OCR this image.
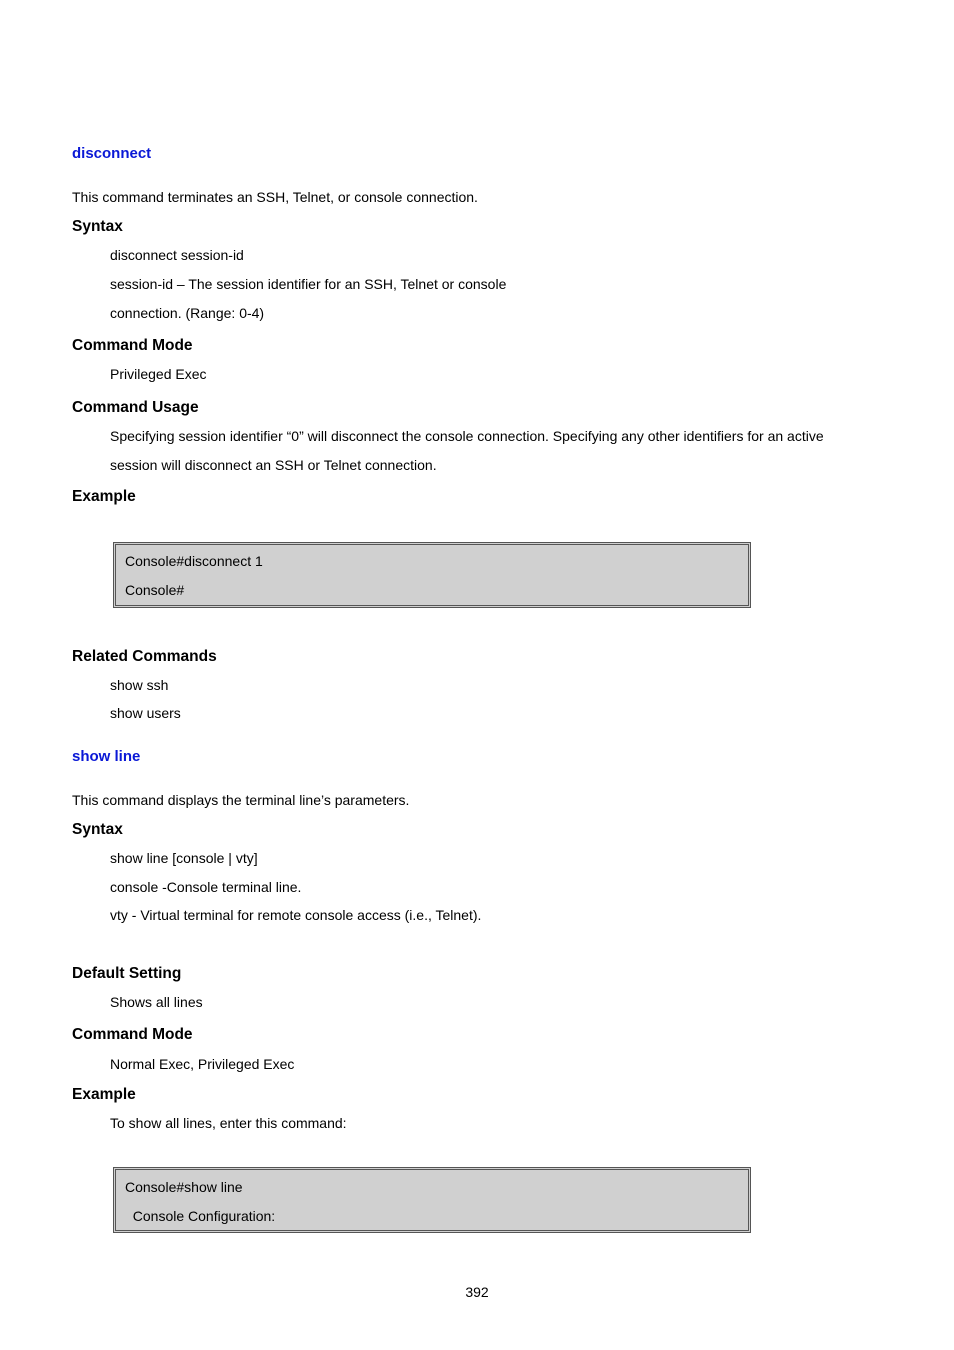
disconnect
This command terminates an SSH, Telnet, or console connection.
Syntax
disconnect session-id
session-id – The session identifier for an SSH, Telnet or console
connection. (Range: 0-4)
Command Mode
Privileged Exec
Command Usage
Specifying session identifier “0” will disconnect the console connection. Specifying any other identifiers for an active
session will disconnect an SSH or Telnet connection.
Example
Console#disconnect 1
Console#
Related Commands
show ssh
show users
show line
This command displays the terminal line’s parameters.
Syntax
show line [console | vty]
console -Console terminal line.
vty - Virtual terminal for remote console access (i.e., Telnet).
Default Setting
Shows all lines
Command Mode
Normal Exec, Privileged Exec
Example
To show all lines, enter this command:
Console#show line
Console Configuration:
392
